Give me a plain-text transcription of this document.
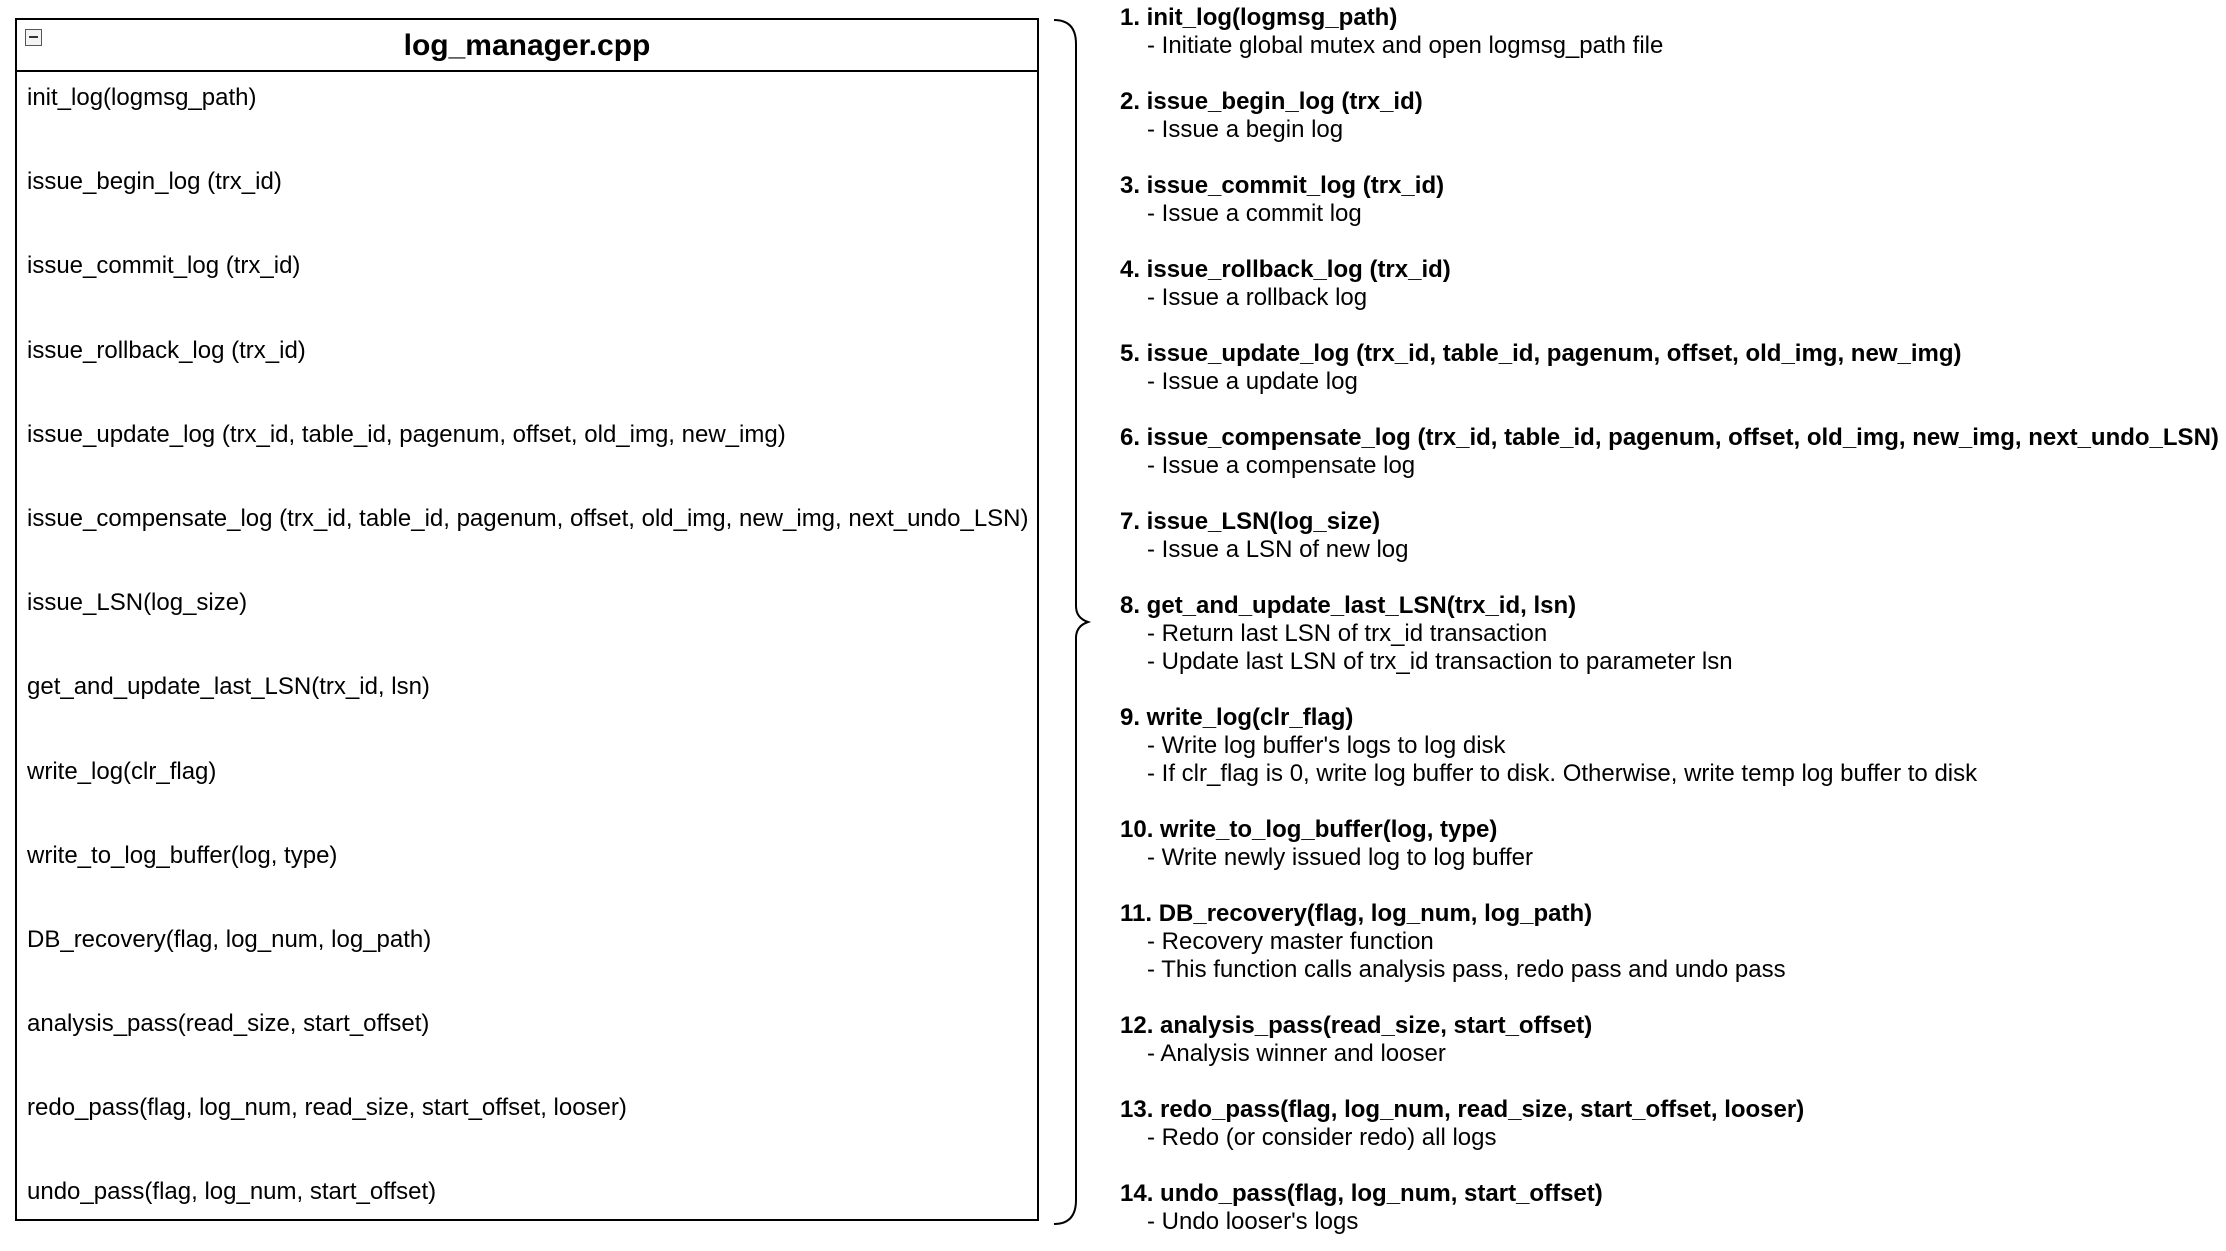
log_manager.cpp
init_log(logmsg_path)
issue_begin_log (trx_id)
issue_commit_log (trx_id)
issue_rollback_log (trx_id)
issue_update_log (trx_id, table_id, pagenum, offset, old_img, new_img)
issue_compensate_log (trx_id, table_id, pagenum, offset, old_img, new_img, next_undo_LSN)
issue_LSN(log_size)
get_and_update_last_LSN(trx_id, lsn)
write_log(clr_flag)
write_to_log_buffer(log, type)
DB_recovery(flag, log_num, log_path)
analysis_pass(read_size, start_offset)
redo_pass(flag, log_num, read_size, start_offset, looser)
undo_pass(flag, log_num, start_offset)
1. init_log(logmsg_path)
- Initiate global mutex and open logmsg_path file
2. issue_begin_log (trx_id)
- Issue a begin log
3. issue_commit_log (trx_id)
- Issue a commit log
4. issue_rollback_log (trx_id)
- Issue a rollback log
5. issue_update_log (trx_id, table_id, pagenum, offset, old_img, new_img)
- Issue a update log
6. issue_compensate_log (trx_id, table_id, pagenum, offset, old_img, new_img, next_undo_LSN)
- Issue a compensate log
7. issue_LSN(log_size)
- Issue a LSN of new log
8. get_and_update_last_LSN(trx_id, lsn)
- Return last LSN of trx_id transaction
- Update last LSN of trx_id transaction to parameter lsn
9. write_log(clr_flag)
- Write log buffer's logs to log disk
- If clr_flag is 0, write log buffer to disk. Otherwise, write temp log buffer to disk
10. write_to_log_buffer(log, type)
- Write newly issued log to log buffer
11. DB_recovery(flag, log_num, log_path)
- Recovery master function
- This function calls analysis pass, redo pass and undo pass
12. analysis_pass(read_size, start_offset)
- Analysis winner and looser
13. redo_pass(flag, log_num, read_size, start_offset, looser)
- Redo (or consider redo) all logs
14. undo_pass(flag, log_num, start_offset)
- Undo looser's logs
